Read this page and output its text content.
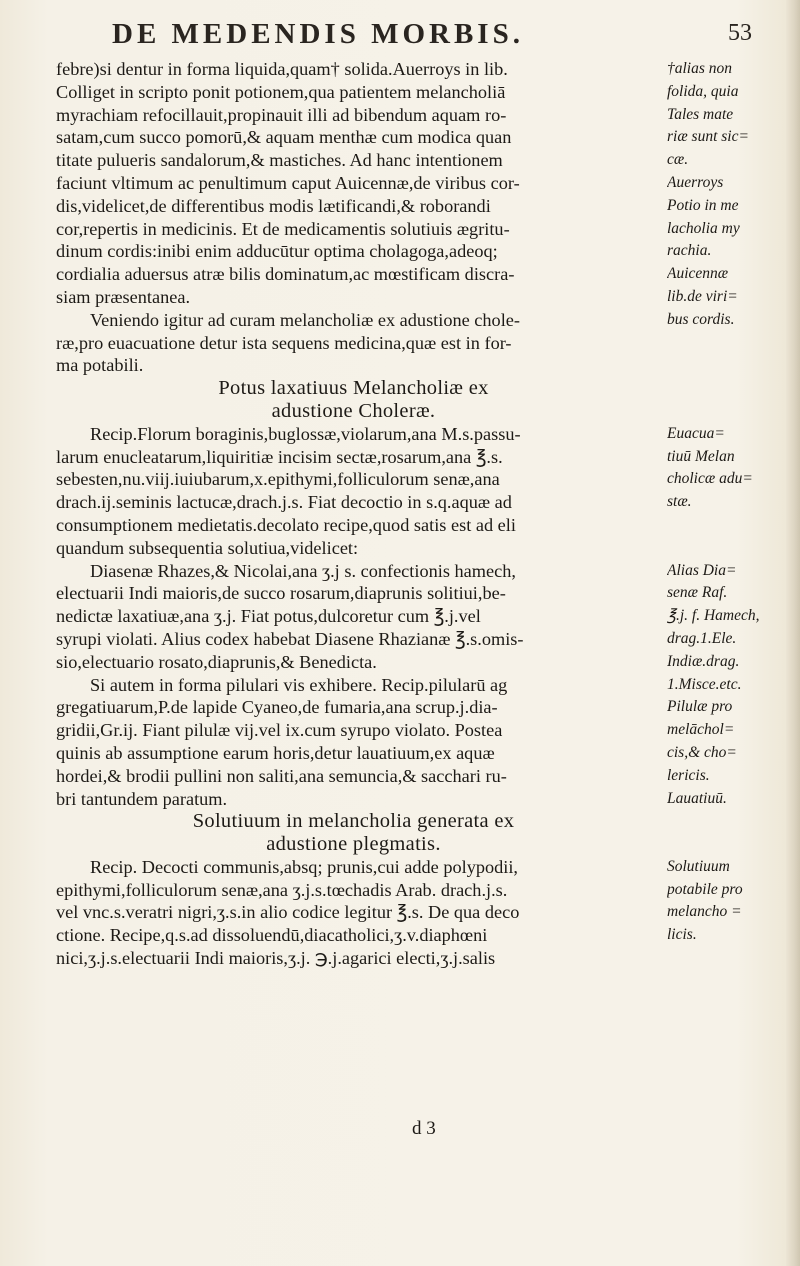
DE MEDENDIS MORBIS.	53
febre)si dentur in forma liquida,quam† solida.Auerroys in lib.
Colliget in scripto ponit potionem,qua patientem melancholiā
myrachiam refocillauit,propinauit illi ad bibendum aquam ro-
satam,cum succo pomorū,& aquam menthæ cum modica quan
titate pulueris sandalorum,& mastiches. Ad hanc intentionem
faciunt vltimum ac penultimum caput Auicennæ,de viribus cor-
dis,videlicet,de differentibus modis lætificandi,& roborandi
cor,repertis in medicinis. Et de medicamentis solutiuis ægritu-
dinum cordis:inibi enim adducūtur optima cholagoga,adeoq;
cordialia aduersus atræ bilis dominatum,ac mœstificam discra-
siam præsentanea.
Veniendo igitur ad curam melancholiæ ex adustione chole-
ræ,pro euacuatione detur ista sequens medicina,quæ est in for-
ma potabili.
Potus laxatiuus Melancholiæ ex
adustione Choleræ.
Recip.Florum boraginis,buglossæ,violarum,ana M.s.passu-
larum enucleatarum,liquiritiæ incisim sectæ,rosarum,ana ℥.s.
sebesten,nu.viij.iuiubarum,x.epithymi,folliculorum senæ,ana
drach.ij.seminis lactucæ,drach.j.s. Fiat decoctio in s.q.aquæ ad
consumptionem medietatis.decolato recipe,quod satis est ad eli
quandum subsequentia solutiua,videlicet:
Diasenæ Rhazes,& Nicolai,ana ʒ.j s. confectionis hamech,
electuarii Indi maioris,de succo rosarum,diaprunis solitiui,be-
nedictæ laxatiuæ,ana ʒ.j. Fiat potus,dulcoretur cum ℥.j.vel
syrupi violati. Alius codex habebat Diasene Rhazianæ ℥.s.omis-
sio,electuario rosato,diaprunis,& Benedicta.
Si autem in forma pilulari vis exhibere. Recip.pilularū ag
gregatiuarum,P.de lapide Cyaneo,de fumaria,ana scrup.j.dia-
gridii,Gr.ij. Fiant pilulæ vij.vel ix.cum syrupo violato. Postea
quinis ab assumptione earum horis,detur lauatiuum,ex aquæ
hordei,& brodii pullini non saliti,ana semuncia,& sacchari ru-
bri tantundem paratum.
Solutiuum in melancholia generata ex
adustione plegmatis.
Recip. Decocti communis,absq; prunis,cui adde polypodii,
epithymi,folliculorum senæ,ana ʒ.j.s.tœchadis Arab. drach.j.s.
vel vnc.s.veratri nigri,ʒ.s.in alio codice legitur ℥.s. De qua deco
ctione. Recipe,q.s.ad dissoluendū,diacatholici,ʒ.v.diaphœni
nici,ʒ.j.s.electuarii Indi maioris,ʒ.j. ℈.j.agarici electi,ʒ.j.salis
†alias non
folida, quia
Tales mate
riæ sunt sic=
cæ.
Auerroys
Potio in me
lacholia my
rachia.
Auicennæ
lib.de viri=
bus cordis.
Euacua=
tiuū Melan
cholicæ adu=
stæ.
Alias Dia=
senæ Raf.
℥.j. f. Hamech,
drag.1.Ele.
Indiæ.drag.
1.Misce.etc.
Pilulæ pro
melāchol=
cis,& cho=
lericis.
Lauatiuū.
Solutiuum
potabile pro
melancho =
licis.
d 3
